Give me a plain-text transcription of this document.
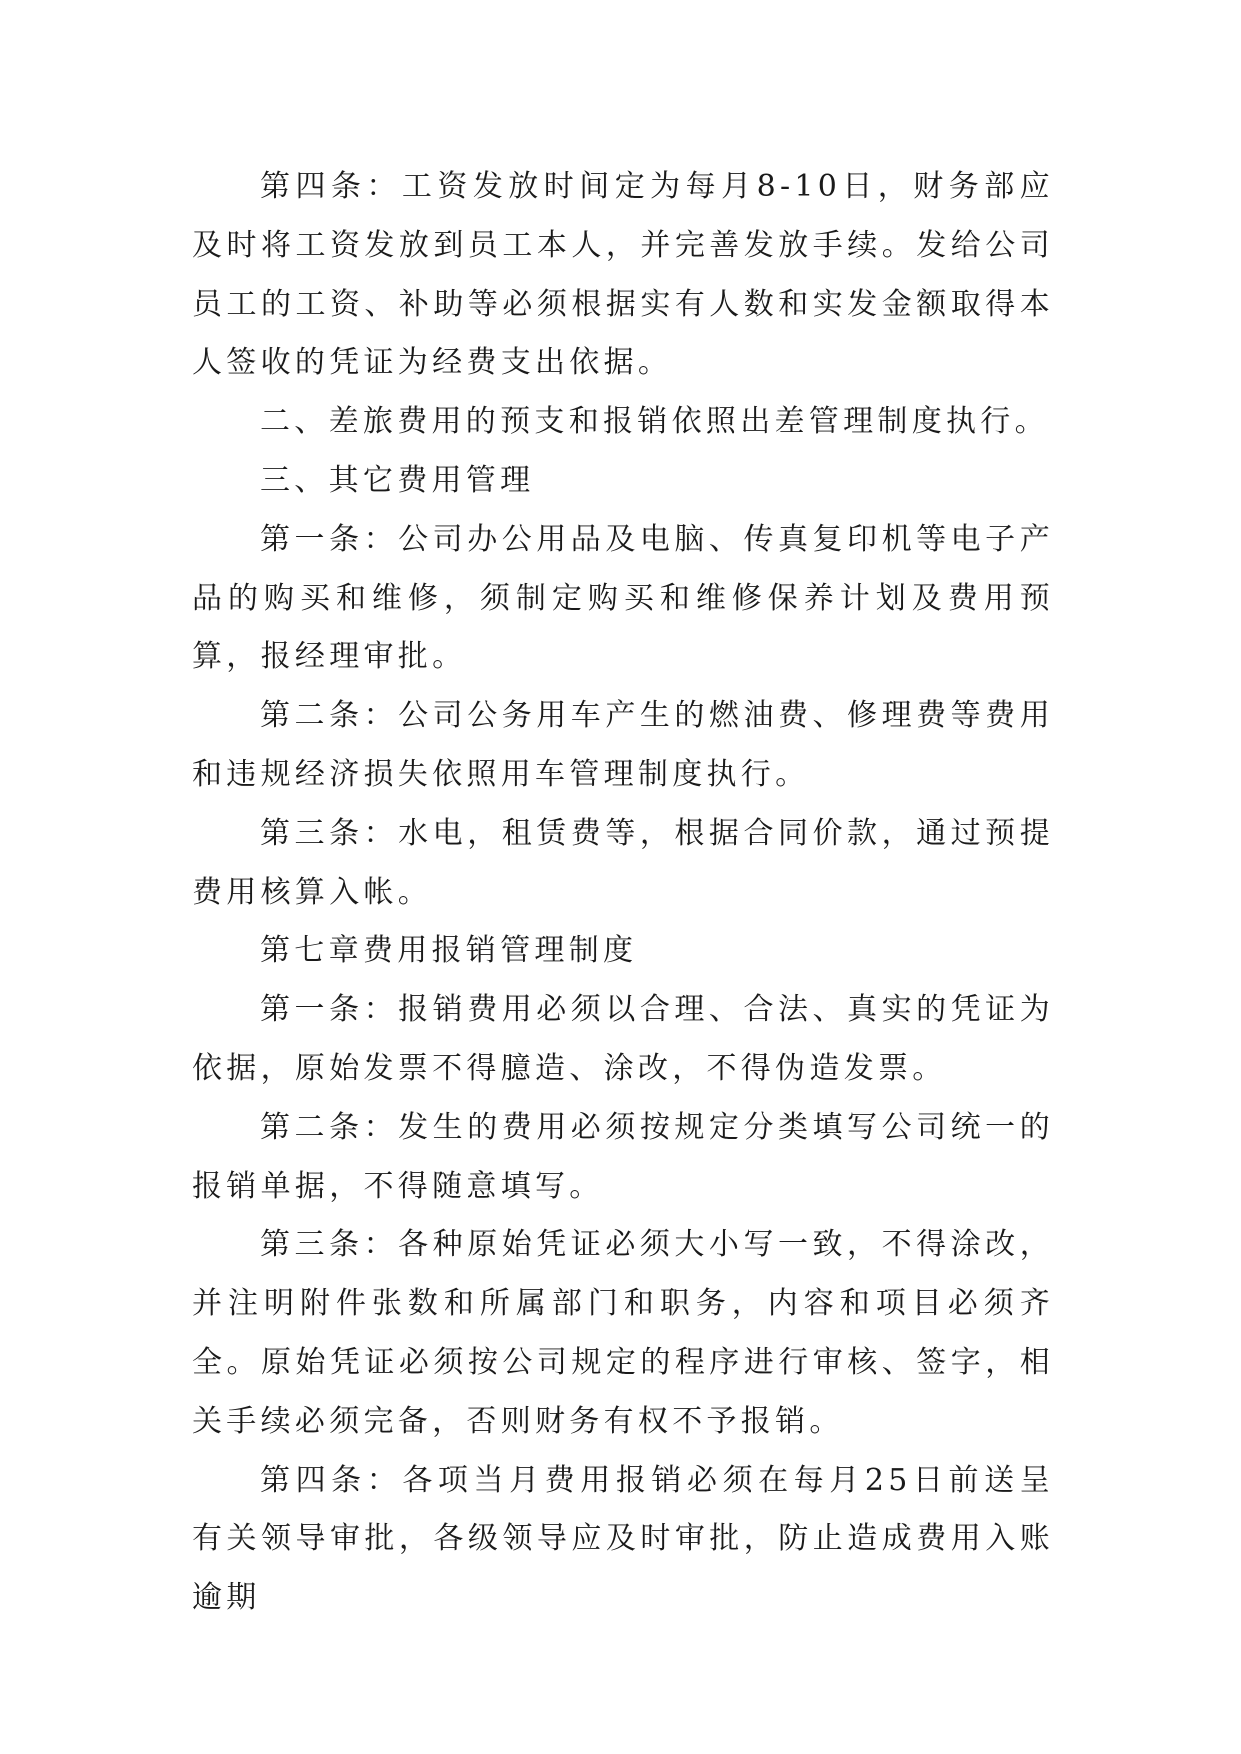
第四条：工资发放时间定为每月8-10日，财务部应及时将工资发放到员工本人，并完善发放手续。发给公司员工的工资、补助等必须根据实有人数和实发金额取得本人签收的凭证为经费支出依据。

二、差旅费用的预支和报销依照出差管理制度执行。

三、其它费用管理

第一条：公司办公用品及电脑、传真复印机等电子产品的购买和维修，须制定购买和维修保养计划及费用预算，报经理审批。

第二条：公司公务用车产生的燃油费、修理费等费用和违规经济损失依照用车管理制度执行。

第三条：水电，租赁费等，根据合同价款，通过预提费用核算入帐。

第七章费用报销管理制度

第一条：报销费用必须以合理、合法、真实的凭证为依据，原始发票不得臆造、涂改，不得伪造发票。

第二条：发生的费用必须按规定分类填写公司统一的报销单据，不得随意填写。

第三条：各种原始凭证必须大小写一致，不得涂改，并注明附件张数和所属部门和职务，内容和项目必须齐全。原始凭证必须按公司规定的程序进行审核、签字，相关手续必须完备，否则财务有权不予报销。

第四条：各项当月费用报销必须在每月25日前送呈有关领导审批，各级领导应及时审批，防止造成费用入账逾期
